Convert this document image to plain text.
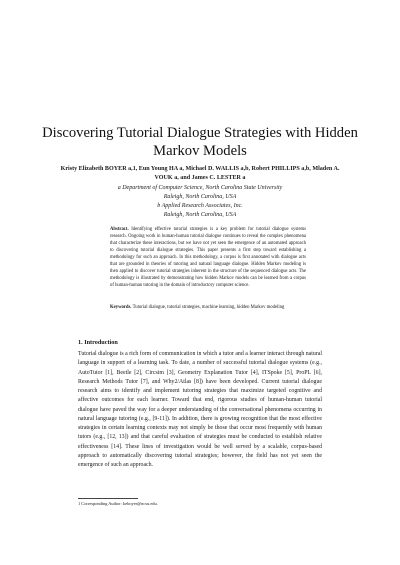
Discovering Tutorial Dialogue Strategies with Hidden Markov Models
Kristy Elizabeth BOYER a,1, Eun Young HA a, Michael D. WALLIS a,b, Robert PHILLIPS a,b, Mladen A. VOUK a, and James C. LESTER a
a Department of Computer Science, North Carolina State University
Raleigh, North Carolina, USA
b Applied Research Associates, Inc.
Raleigh, North Carolina, USA
Abstract. Identifying effective tutorial strategies is a key problem for tutorial dialogue systems research. Ongoing work in human-human tutorial dialogue continues to reveal the complex phenomena that characterize these interactions, but we have not yet seen the emergence of an automated approach to discovering tutorial dialogue strategies. This paper presents a first step toward establishing a methodology for such an approach. In this methodology, a corpus is first annotated with dialogue acts that are grounded in theories of tutoring and natural language dialogue. Hidden Markov modeling is then applied to discover tutorial strategies inherent in the structure of the sequenced dialogue acts. The methodology is illustrated by demonstrating how hidden Markov models can be learned from a corpus of human-human tutoring in the domain of introductory computer science.
Keywords. Tutorial dialogue, tutorial strategies, machine learning, hidden Markov modeling
1. Introduction
Tutorial dialogue is a rich form of communication in which a tutor and a learner interact through natural language in support of a learning task. To date, a number of successful tutorial dialogue systems (e.g., AutoTutor [1], Beetle [2], Circsim [3], Geometry Explanation Tutor [4], ITSpoke [5], ProPL [6], Research Methods Tutor [7], and Why2/Atlas [8]) have been developed. Current tutorial dialogue research aims to identify and implement tutoring strategies that maximize targeted cognitive and affective outcomes for each learner. Toward that end, rigorous studies of human-human tutorial dialogue have paved the way for a deeper understanding of the conversational phenomena occurring in natural language tutoring (e.g., [9-11]). In addition, there is growing recognition that the most effective strategies in certain learning contexts may not simply be those that occur most frequently with human tutors (e.g., [12, 13]) and that careful evaluation of strategies must be conducted to establish relative effectiveness [14]. These lines of investigation would be well served by a scalable, corpus-based approach to automatically discovering tutorial strategies; however, the field has not yet seen the emergence of such an approach.
1 Corresponding Author: keboyer@ncsu.edu.
